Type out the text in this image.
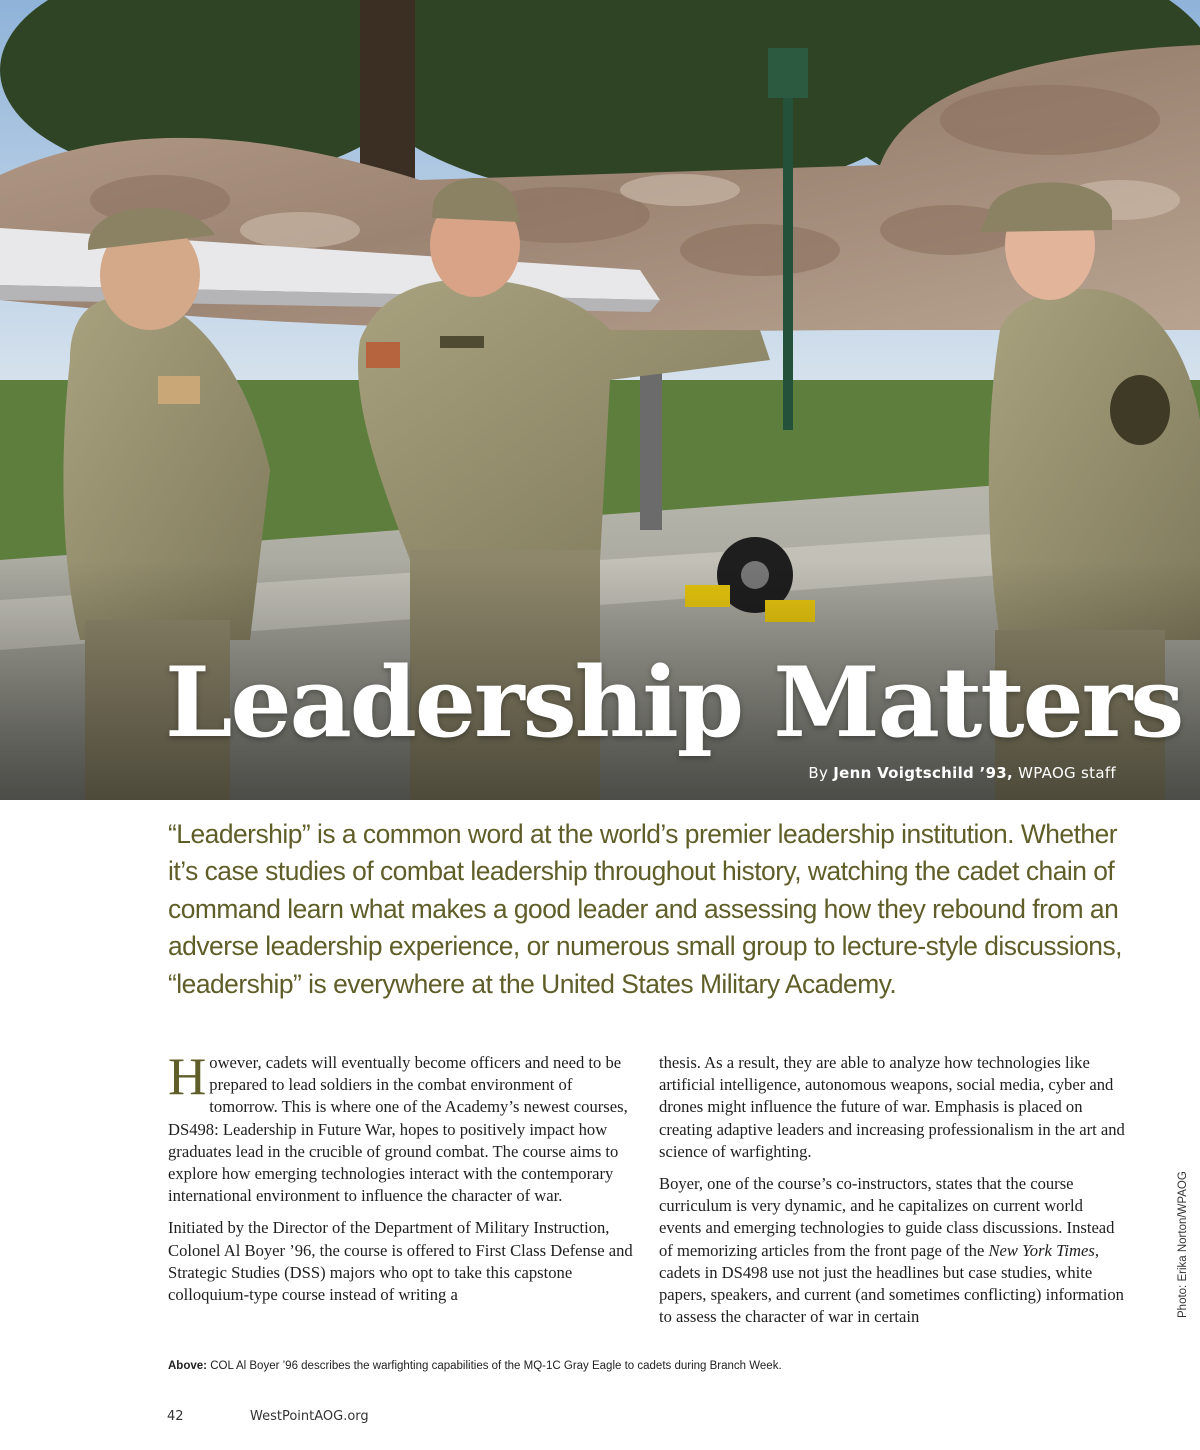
Leadership Matters
By Jenn Voigtschild ’93, WPAOG staff

“Leadership” is a common word at the world’s premier leadership institution. Whether it’s case studies of combat leadership throughout history, watching the cadet chain of command learn what makes a good leader and assessing how they rebound from an adverse leadership experience, or numerous small group to lecture-style discussions, “leadership” is everywhere at the United States Military Academy.

However, cadets will eventually become officers and need to be prepared to lead soldiers in the combat environment of tomorrow. This is where one of the Academy’s newest courses, DS498: Leadership in Future War, hopes to positively impact how graduates lead in the crucible of ground combat. The course aims to explore how emerging technologies interact with the contemporary international environment to influence the character of war.

Initiated by the Director of the Department of Military Instruction, Colonel Al Boyer ’96, the course is offered to First Class Defense and Strategic Studies (DSS) majors who opt to take this capstone colloquium-type course instead of writing a

thesis. As a result, they are able to analyze how technologies like artificial intelligence, autonomous weapons, social media, cyber and drones might influence the future of war. Emphasis is placed on creating adaptive leaders and increasing professionalism in the art and science of warfighting.

Boyer, one of the course’s co-instructors, states that the course curriculum is very dynamic, and he capitalizes on current world events and emerging technologies to guide class discussions. Instead of memorizing articles from the front page of the New York Times, cadets in DS498 use not just the headlines but case studies, white papers, speakers, and current (and sometimes conflicting) information to assess the character of war in certain

Above: COL Al Boyer ’96 describes the warfighting capabilities of the MQ-1C Gray Eagle to cadets during Branch Week.
Photo: Erika Norton/WPAOG
42	WestPointAOG.org
